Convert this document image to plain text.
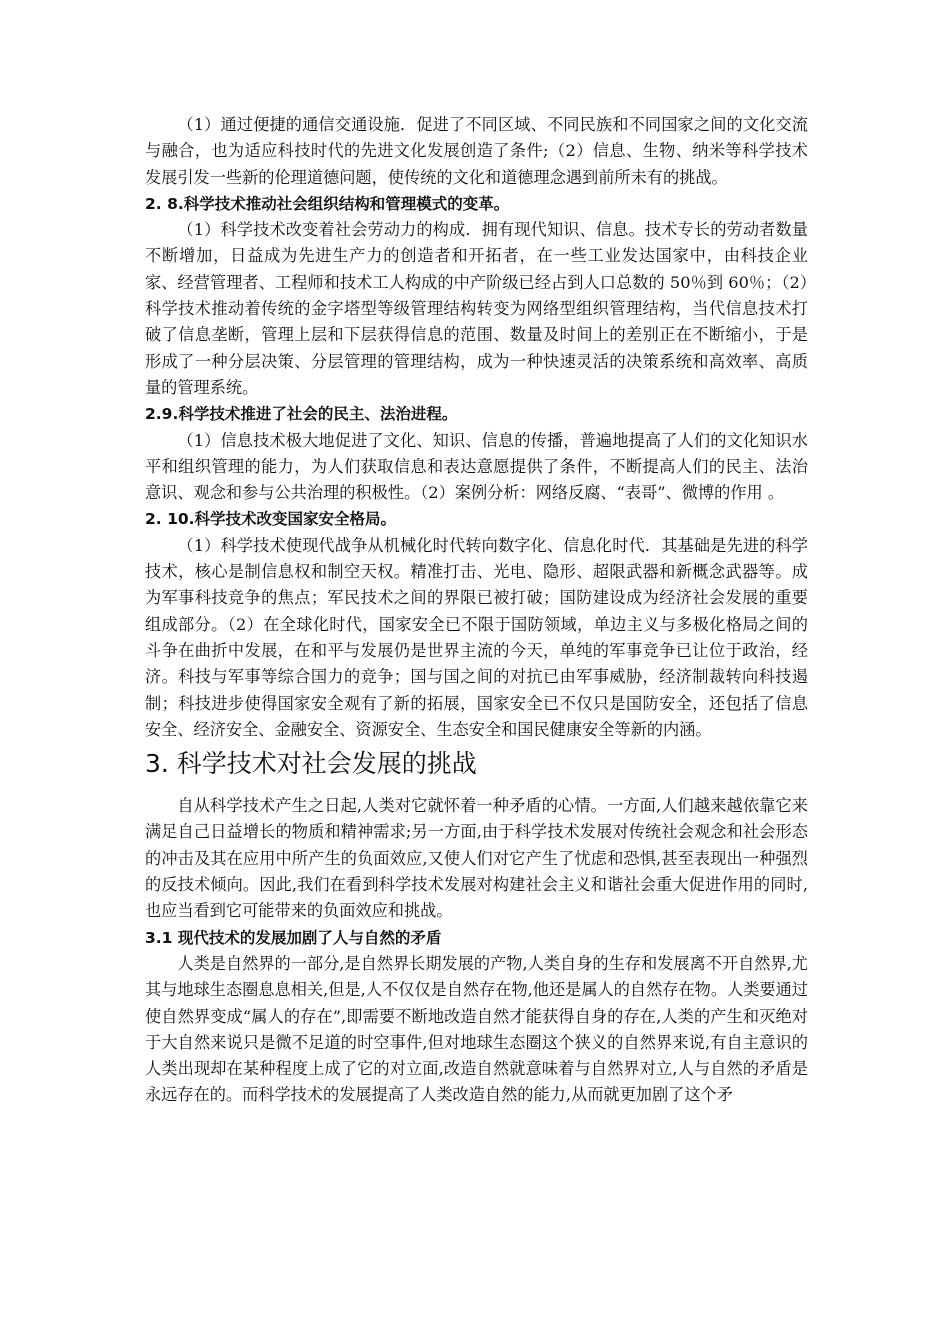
（1）通过便捷的通信交通设施．促进了不同区域、不同民族和不同国家之间的文化交流与融合，也为适应科技时代的先进文化发展创造了条件;（2）信息、生物、纳米等科学技术发展引发一些新的伦理道德问题，使传统的文化和道德理念遇到前所未有的挑战。

2. 8.科学技术推动社会组织结构和管理模式的变革。

（1）科学技术改变着社会劳动力的构成．拥有现代知识、信息。技术专长的劳动者数量不断增加，日益成为先进生产力的创造者和开拓者，在一些工业发达国家中，由科技企业家、经营管理者、工程师和技术工人构成的中产阶级已经占到人口总数的 50％到 60％；（2）科学技术推动着传统的金字塔型等级管理结构转变为网络型组织管理结构，当代信息技术打破了信息垄断，管理上层和下层获得信息的范围、数量及时间上的差别正在不断缩小，于是形成了一种分层决策、分层管理的管理结构，成为一种快速灵活的决策系统和高效率、高质量的管理系统。

2.9.科学技术推进了社会的民主、法治进程。

（1）信息技术极大地促进了文化、知识、信息的传播，普遍地提高了人们的文化知识水平和组织管理的能力，为人们获取信息和表达意愿提供了条件，不断提高人们的民主、法治意识、观念和参与公共治理的积极性。（2）案例分析：网络反腐、“表哥”、微博的作用 。

2. 10.科学技术改变国家安全格局。

（1）科学技术使现代战争从机械化时代转向数字化、信息化时代．其基础是先进的科学技术，核心是制信息权和制空天权。精准打击、光电、隐形、超限武器和新概念武器等。成为军事科技竞争的焦点；军民技术之间的界限已被打破；国防建设成为经济社会发展的重要组成部分。（2）在全球化时代，国家安全已不限于国防领域，单边主义与多极化格局之间的斗争在曲折中发展，在和平与发展仍是世界主流的今天，单纯的军事竞争已让位于政治，经济。科技与军事等综合国力的竞争；国与国之间的对抗已由军事威胁，经济制裁转向科技遏制；科技进步使得国家安全观有了新的拓展，国家安全已不仅只是国防安全，还包括了信息安全、经济安全、金融安全、资源安全、生态安全和国民健康安全等新的内涵。

3. 科学技术对社会发展的挑战

自从科学技术产生之日起,人类对它就怀着一种矛盾的心情。一方面,人们越来越依靠它来满足自己日益增长的物质和精神需求;另一方面,由于科学技术发展对传统社会观念和社会形态的冲击及其在应用中所产生的负面效应,又使人们对它产生了忧虑和恐惧,甚至表现出一种强烈的反技术倾向。因此,我们在看到科学技术发展对构建社会主义和谐社会重大促进作用的同时,也应当看到它可能带来的负面效应和挑战。

3.1 现代技术的发展加剧了人与自然的矛盾

人类是自然界的一部分,是自然界长期发展的产物,人类自身的生存和发展离不开自然界,尤其与地球生态圈息息相关,但是,人不仅仅是自然存在物,他还是属人的自然存在物。人类要通过使自然界变成“属人的存在”,即需要不断地改造自然才能获得自身的存在,人类的产生和灭绝对于大自然来说只是微不足道的时空事件,但对地球生态圈这个狭义的自然界来说,有自主意识的人类出现却在某种程度上成了它的对立面,改造自然就意味着与自然界对立,人与自然的矛盾是永远存在的。而科学技术的发展提高了人类改造自然的能力,从而就更加剧了这个矛
